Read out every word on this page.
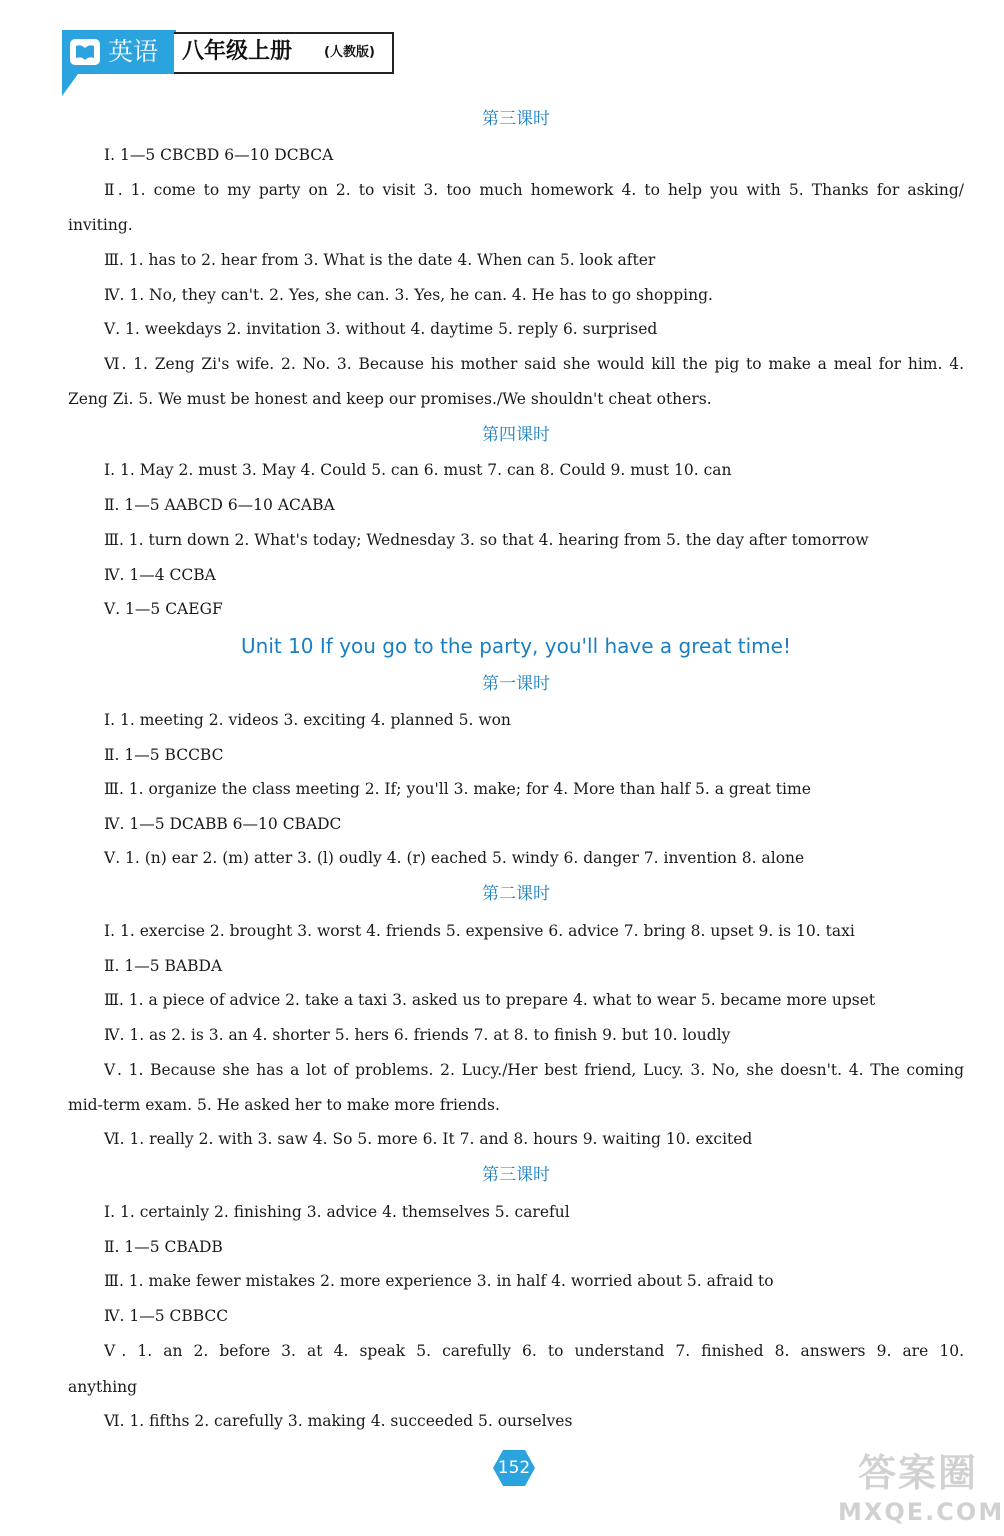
英语 八年级上册 (人教版)
第三课时
Ⅰ. 1—5 CBCBD 6—10 DCBCA
Ⅱ. 1. come to my party on 2. to visit 3. too much homework 4. to help you with 5. Thanks for asking/
inviting.
Ⅲ. 1. has to 2. hear from 3. What is the date 4. When can 5. look after
Ⅳ. 1. No, they can't. 2. Yes, she can. 3. Yes, he can. 4. He has to go shopping.
Ⅴ. 1. weekdays 2. invitation 3. without 4. daytime 5. reply 6. surprised
Ⅵ. 1. Zeng Zi's wife. 2. No. 3. Because his mother said she would kill the pig to make a meal for him. 4.
Zeng Zi. 5. We must be honest and keep our promises./We shouldn't cheat others.
第四课时
Ⅰ. 1. May 2. must 3. May 4. Could 5. can 6. must 7. can 8. Could 9. must 10. can
Ⅱ. 1—5 AABCD 6—10 ACABA
Ⅲ. 1. turn down 2. What's today; Wednesday 3. so that 4. hearing from 5. the day after tomorrow
Ⅳ. 1—4 CCBA
Ⅴ. 1—5 CAEGF
Unit 10 If you go to the party, you'll have a great time!
第一课时
Ⅰ. 1. meeting 2. videos 3. exciting 4. planned 5. won
Ⅱ. 1—5 BCCBC
Ⅲ. 1. organize the class meeting 2. If; you'll 3. make; for 4. More than half 5. a great time
Ⅳ. 1—5 DCABB 6—10 CBADC
Ⅴ. 1. (n) ear 2. (m) atter 3. (l) oudly 4. (r) eached 5. windy 6. danger 7. invention 8. alone
第二课时
Ⅰ. 1. exercise 2. brought 3. worst 4. friends 5. expensive 6. advice 7. bring 8. upset 9. is 10. taxi
Ⅱ. 1—5 BABDA
Ⅲ. 1. a piece of advice 2. take a taxi 3. asked us to prepare 4. what to wear 5. became more upset
Ⅳ. 1. as 2. is 3. an 4. shorter 5. hers 6. friends 7. at 8. to finish 9. but 10. loudly
Ⅴ. 1. Because she has a lot of problems. 2. Lucy./Her best friend, Lucy. 3. No, she doesn't. 4. The coming
mid-term exam. 5. He asked her to make more friends.
Ⅵ. 1. really 2. with 3. saw 4. So 5. more 6. It 7. and 8. hours 9. waiting 10. excited
第三课时
Ⅰ. 1. certainly 2. finishing 3. advice 4. themselves 5. careful
Ⅱ. 1—5 CBADB
Ⅲ. 1. make fewer mistakes 2. more experience 3. in half 4. worried about 5. afraid to
Ⅳ. 1—5 CBBCC
Ⅴ. 1. an 2. before 3. at 4. speak 5. carefully 6. to understand 7. finished 8. answers 9. are 10.
anything
Ⅵ. 1. fifths 2. carefully 3. making 4. succeeded 5. ourselves
152	答案圈
MXQE.COM
